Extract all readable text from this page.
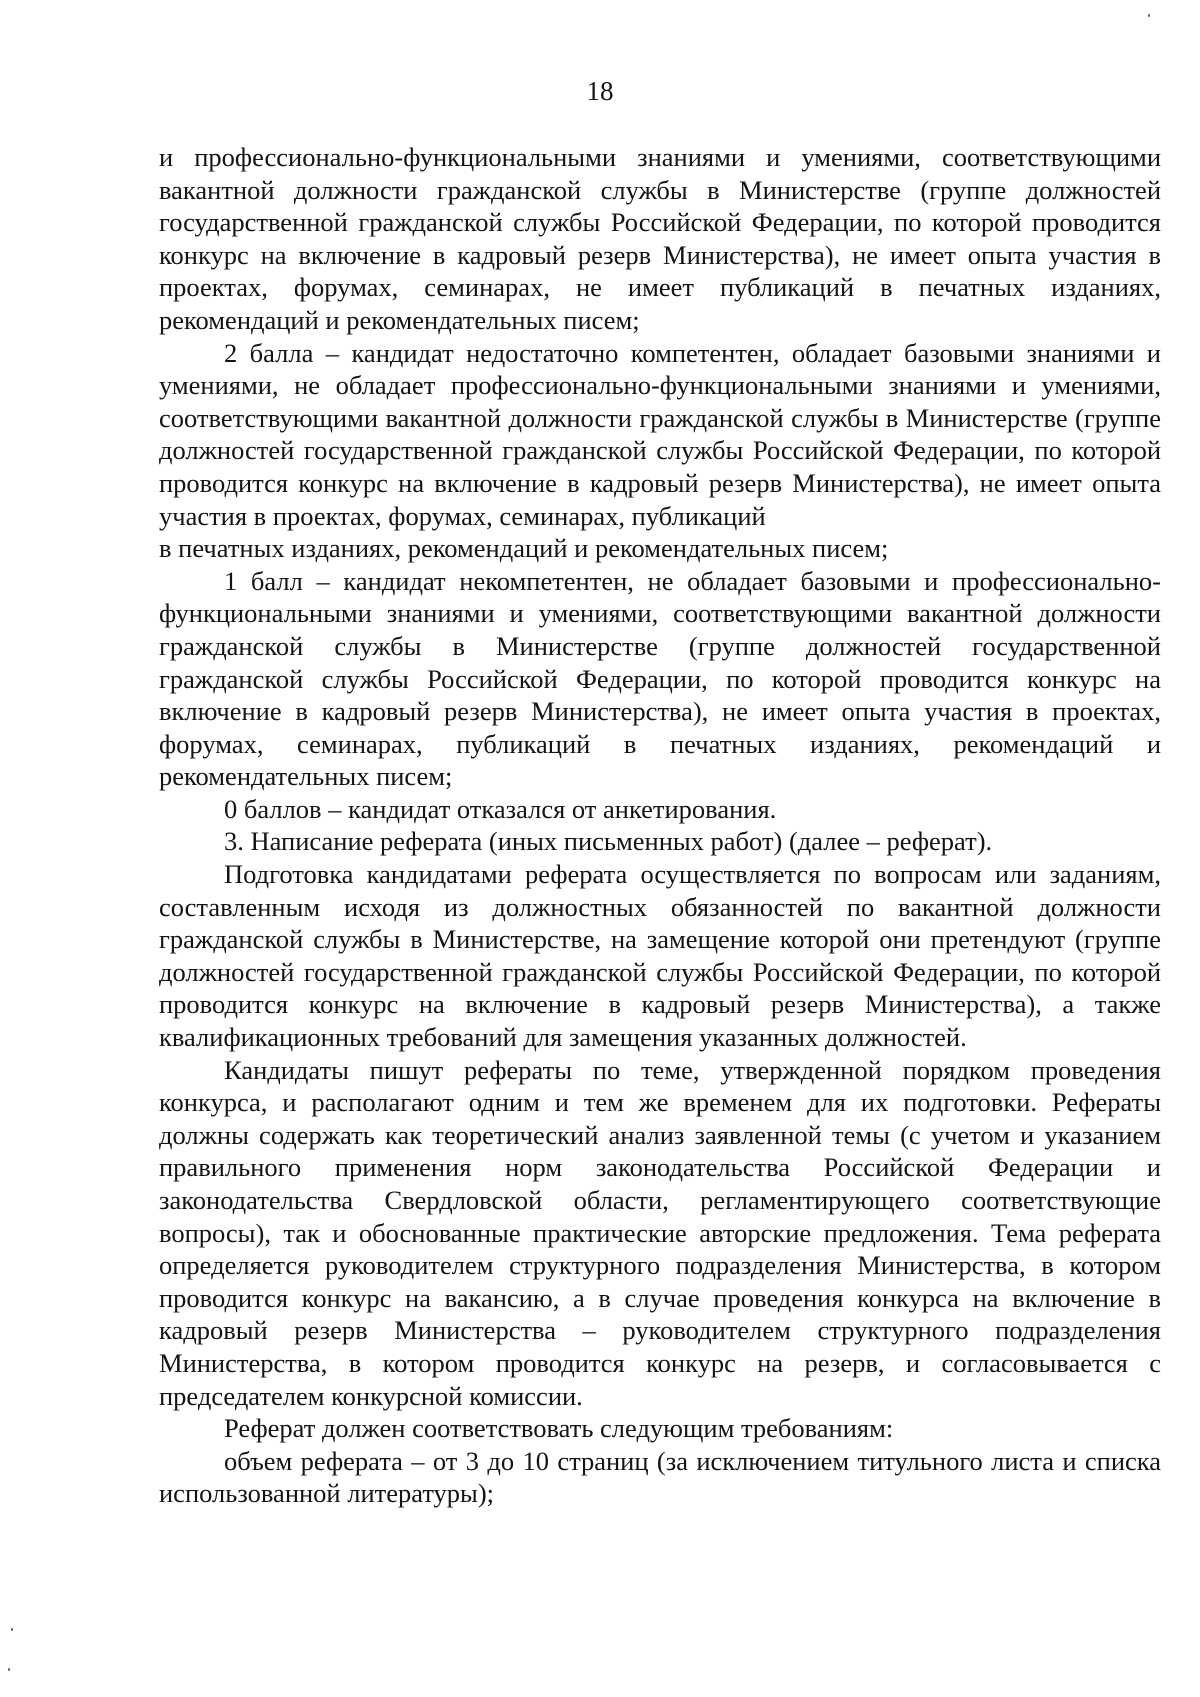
18

и профессионально-функциональными знаниями и умениями, соответствующими вакантной должности гражданской службы в Министерстве (группе должностей государственной гражданской службы Российской Федерации, по которой проводится конкурс на включение в кадровый резерв Министерства), не имеет опыта участия в проектах, форумах, семинарах, не имеет публикаций в печатных изданиях, рекомендаций и рекомендательных писем;

2 балла – кандидат недостаточно компетентен, обладает базовыми знаниями и умениями, не обладает профессионально-функциональными знаниями и умениями, соответствующими вакантной должности гражданской службы в Министерстве (группе должностей государственной гражданской службы Российской Федерации, по которой проводится конкурс на включение в кадровый резерв Министерства), не имеет опыта участия в проектах, форумах, семинарах, публикаций

в печатных изданиях, рекомендаций и рекомендательных писем;

1 балл – кандидат некомпетентен, не обладает базовыми и профессионально-функциональными знаниями и умениями, соответствующими вакантной должности гражданской службы в Министерстве (группе должностей государственной гражданской службы Российской Федерации, по которой проводится конкурс на включение в кадровый резерв Министерства), не имеет опыта участия в проектах, форумах, семинарах, публикаций в печатных изданиях, рекомендаций и рекомендательных писем;

0 баллов – кандидат отказался от анкетирования.

3. Написание реферата (иных письменных работ) (далее – реферат).

Подготовка кандидатами реферата осуществляется по вопросам или заданиям, составленным исходя из должностных обязанностей по вакантной должности гражданской службы в Министерстве, на замещение которой они претендуют (группе должностей государственной гражданской службы Российской Федерации, по которой проводится конкурс на включение в кадровый резерв Министерства), а также квалификационных требований для замещения указанных должностей.

Кандидаты пишут рефераты по теме, утвержденной порядком проведения конкурса, и располагают одним и тем же временем для их подготовки. Рефераты должны содержать как теоретический анализ заявленной темы (с учетом и указанием правильного применения норм законодательства Российской Федерации и законодательства Свердловской области, регламентирующего соответствующие вопросы), так и обоснованные практические авторские предложения. Тема реферата определяется руководителем структурного подразделения Министерства, в котором проводится конкурс на вакансию, а в случае проведения конкурса на включение в кадровый резерв Министерства – руководителем структурного подразделения Министерства, в котором проводится конкурс на резерв, и согласовывается с председателем конкурсной комиссии.

Реферат должен соответствовать следующим требованиям:

объем реферата – от 3 до 10 страниц (за исключением титульного листа и списка использованной литературы);
